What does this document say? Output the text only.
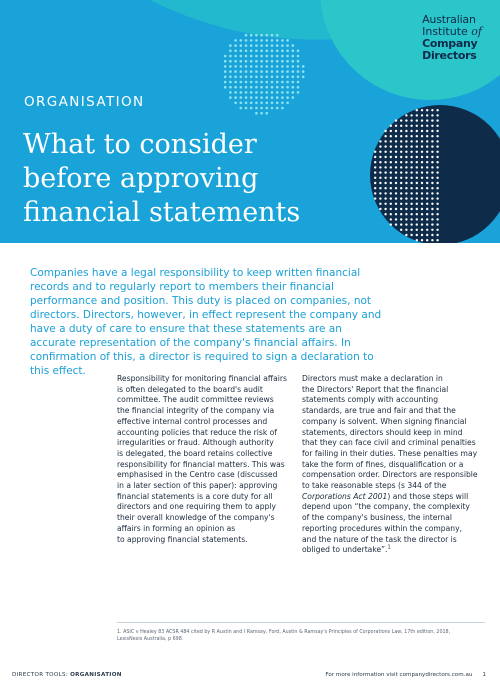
ORGANISATION
What to consider
before approving
financial statements
Australian
Institute of
Company
Directors

Companies have a legal responsibility to keep written financial records and to regularly report to members their financial performance and position. This duty is placed on companies, not directors. Directors, however, in effect represent the company and have a duty of care to ensure that these statements are an accurate representation of the company's financial affairs. In confirmation of this, a director is required to sign a declaration to this effect.

Responsibility for monitoring financial affairs
is often delegated to the board's audit
committee. The audit committee reviews
the financial integrity of the company via
effective internal control processes and
accounting policies that reduce the risk of
irregularities or fraud. Although authority
is delegated, the board retains collective
responsibility for financial matters. This was
emphasised in the Centro case (discussed
in a later section of this paper): approving
financial statements is a core duty for all
directors and one requiring them to apply
their overall knowledge of the company's
affairs in forming an opinion as
to approving financial statements.

Directors must make a declaration in
the Directors' Report that the financial
statements comply with accounting
standards, are true and fair and that the
company is solvent. When signing financial
statements, directors should keep in mind
that they can face civil and criminal penalties
for failing in their duties. These penalties may
take the form of fines, disqualification or a
compensation order. Directors are responsible
to take reasonable steps (s 344 of the

Corporations Act 2001) and those steps will

depend upon “the company, the complexity
of the company's business, the internal
reporting procedures within the company,
and the nature of the task the director is

obliged to undertake”.$^1$

1. ASIC v Healey 83 ACSR 484 cited by R Austin and I Ramsay, Ford, Austin & Ramsay's Principles of Corporations Law, 17th edition, 2018,
LexisNexis Australia, p 698.
DIRECTOR TOOLS: ORGANISATION	For more information visit companydirectors.com.au 1
